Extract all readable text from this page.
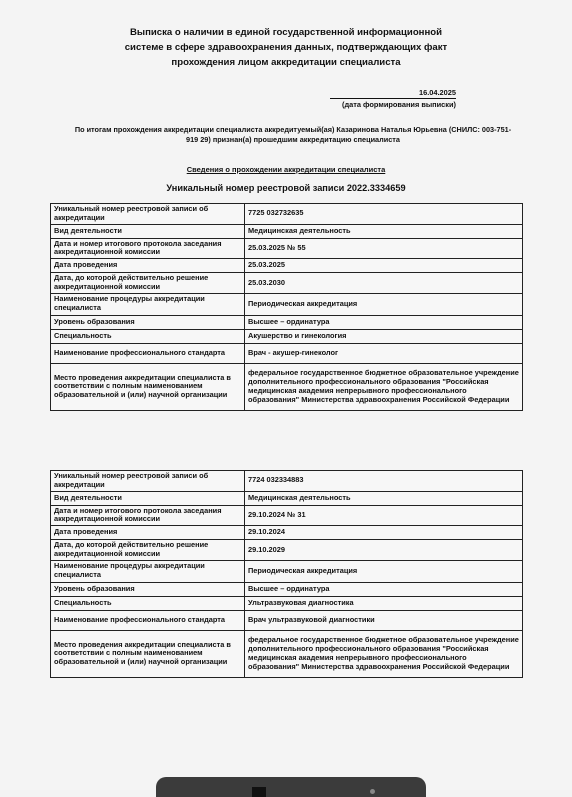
Выписка о наличии в единой государственной информационной
системе в сфере здравоохранения данных, подтверждающих факт
прохождения лицом аккредитации специалиста
16.04.2025
(дата формирования выписки)
По итогам прохождения аккредитации специалиста аккредитуемый(ая) Казаринова Наталья Юрьевна (СНИЛС: 003-751-
919 29) признан(а) прошедшим аккредитацию специалиста
Сведения о прохождении аккредитации специалиста
Уникальный номер реестровой записи 2022.3334659
Уникальный номер реестровой записи об аккредитации	7725 032732635
Вид деятельности	Медицинская деятельность
Дата и номер итогового протокола заседания аккредитационной комиссии	25.03.2025 № 55
Дата проведения	25.03.2025
Дата, до которой действительно решение аккредитационной комиссии	25.03.2030
Наименование процедуры аккредитации специалиста	Периодическая аккредитация
Уровень образования	Высшее – ординатура
Специальность	Акушерство и гинекология
Наименование профессионального стандарта	Врач - акушер-гинеколог
Место проведения аккредитации специалиста в соответствии с полным наименованием образовательной и (или) научной организации	федеральное государственное бюджетное образовательное учреждение дополнительного профессионального образования "Российская медицинская академия непрерывного профессионального образования" Министерства здравоохранения Российской Федерации
Уникальный номер реестровой записи об аккредитации	7724 032334883
Вид деятельности	Медицинская деятельность
Дата и номер итогового протокола заседания аккредитационной комиссии	29.10.2024 № 31
Дата проведения	29.10.2024
Дата, до которой действительно решение аккредитационной комиссии	29.10.2029
Наименование процедуры аккредитации специалиста	Периодическая аккредитация
Уровень образования	Высшее – ординатура
Специальность	Ультразвуковая диагностика
Наименование профессионального стандарта	Врач ультразвуковой диагностики
Место проведения аккредитации специалиста в соответствии с полным наименованием образовательной и (или) научной организации	федеральное государственное бюджетное образовательное учреждение дополнительного профессионального образования "Российская медицинская академия непрерывного профессионального образования" Министерства здравоохранения Российской Федерации
